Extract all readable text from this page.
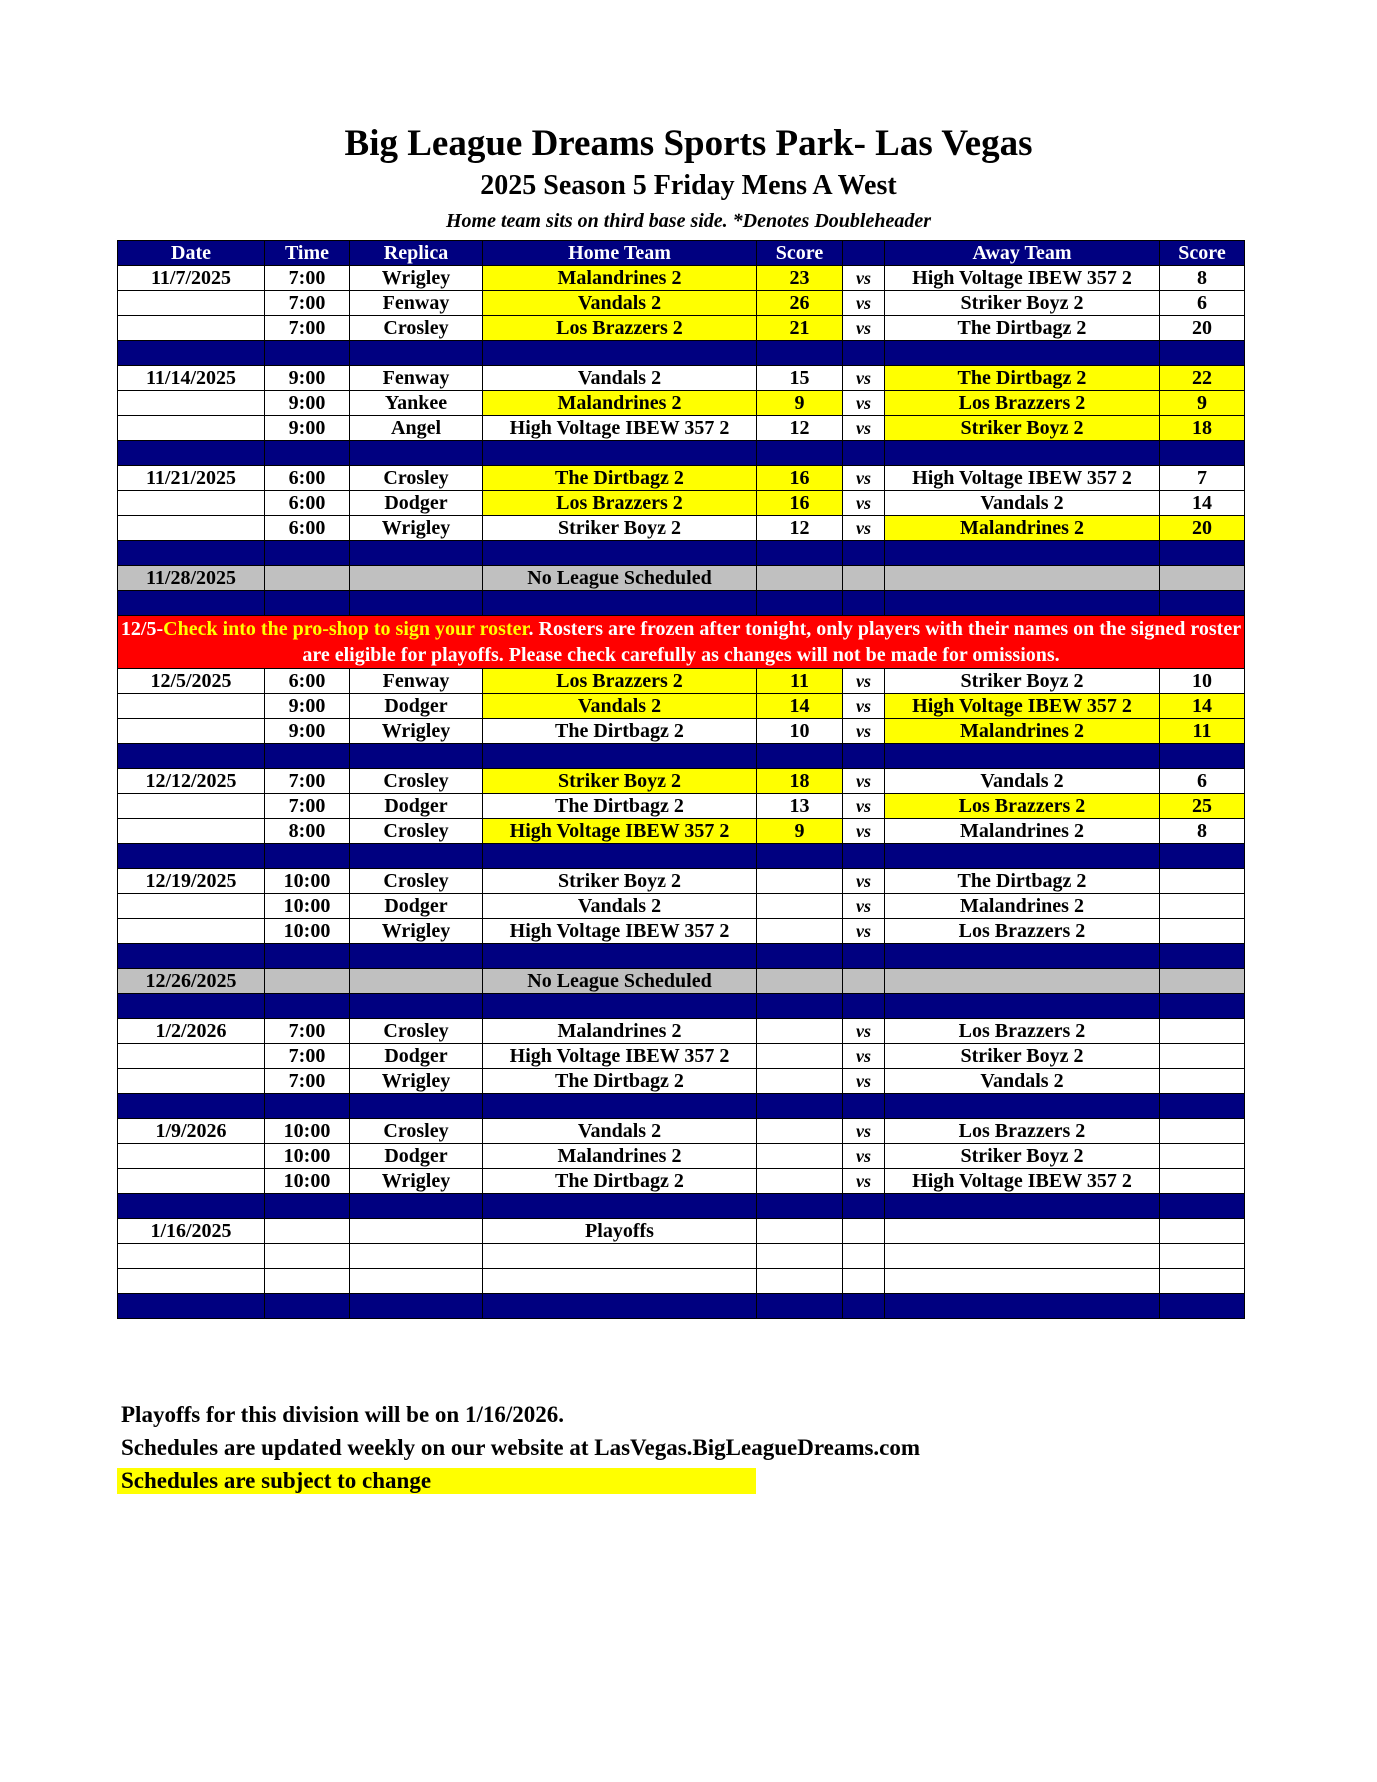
Big League Dreams Sports Park- Las Vegas
2025 Season 5 Friday Mens A West
Home team sits on third base side. *Denotes Doubleheader
Date	Time	Replica	Home Team	Score		Away Team	Score
11/7/2025	7:00	Wrigley	Malandrines 2	23	vs	High Voltage IBEW 357 2	8
	7:00	Fenway	Vandals 2	26	vs	Striker Boyz 2	6
	7:00	Crosley	Los Brazzers 2	21	vs	The Dirtbagz 2	20

11/14/2025	9:00	Fenway	Vandals 2	15	vs	The Dirtbagz 2	22
	9:00	Yankee	Malandrines 2	9	vs	Los Brazzers 2	9
	9:00	Angel	High Voltage IBEW 357 2	12	vs	Striker Boyz 2	18

11/21/2025	6:00	Crosley	The Dirtbagz 2	16	vs	High Voltage IBEW 357 2	7
	6:00	Dodger	Los Brazzers 2	16	vs	Vandals 2	14
	6:00	Wrigley	Striker Boyz 2	12	vs	Malandrines 2	20

11/28/2025			No League Scheduled				

12/5-Check into the pro-shop to sign your roster. Rosters are frozen after tonight, only players with their names on the signed roster are eligible for playoffs. Please check carefully as changes will not be made for omissions.							
12/5/2025	6:00	Fenway	Los Brazzers 2	11	vs	Striker Boyz 2	10
	9:00	Dodger	Vandals 2	14	vs	High Voltage IBEW 357 2	14
	9:00	Wrigley	The Dirtbagz 2	10	vs	Malandrines 2	11

12/12/2025	7:00	Crosley	Striker Boyz 2	18	vs	Vandals 2	6
	7:00	Dodger	The Dirtbagz 2	13	vs	Los Brazzers 2	25
	8:00	Crosley	High Voltage IBEW 357 2	9	vs	Malandrines 2	8

12/19/2025	10:00	Crosley	Striker Boyz 2		vs	The Dirtbagz 2	
	10:00	Dodger	Vandals 2		vs	Malandrines 2	
	10:00	Wrigley	High Voltage IBEW 357 2		vs	Los Brazzers 2	

12/26/2025			No League Scheduled				

1/2/2026	7:00	Crosley	Malandrines 2		vs	Los Brazzers 2	
	7:00	Dodger	High Voltage IBEW 357 2		vs	Striker Boyz 2	
	7:00	Wrigley	The Dirtbagz 2		vs	Vandals 2	

1/9/2026	10:00	Crosley	Vandals 2		vs	Los Brazzers 2	
	10:00	Dodger	Malandrines 2		vs	Striker Boyz 2	
	10:00	Wrigley	The Dirtbagz 2		vs	High Voltage IBEW 357 2	

1/16/2025			Playoffs				

Playoffs for this division will be on 1/16/2026.
Schedules are updated weekly on our website at LasVegas.BigLeagueDreams.com
Schedules are subject to change
